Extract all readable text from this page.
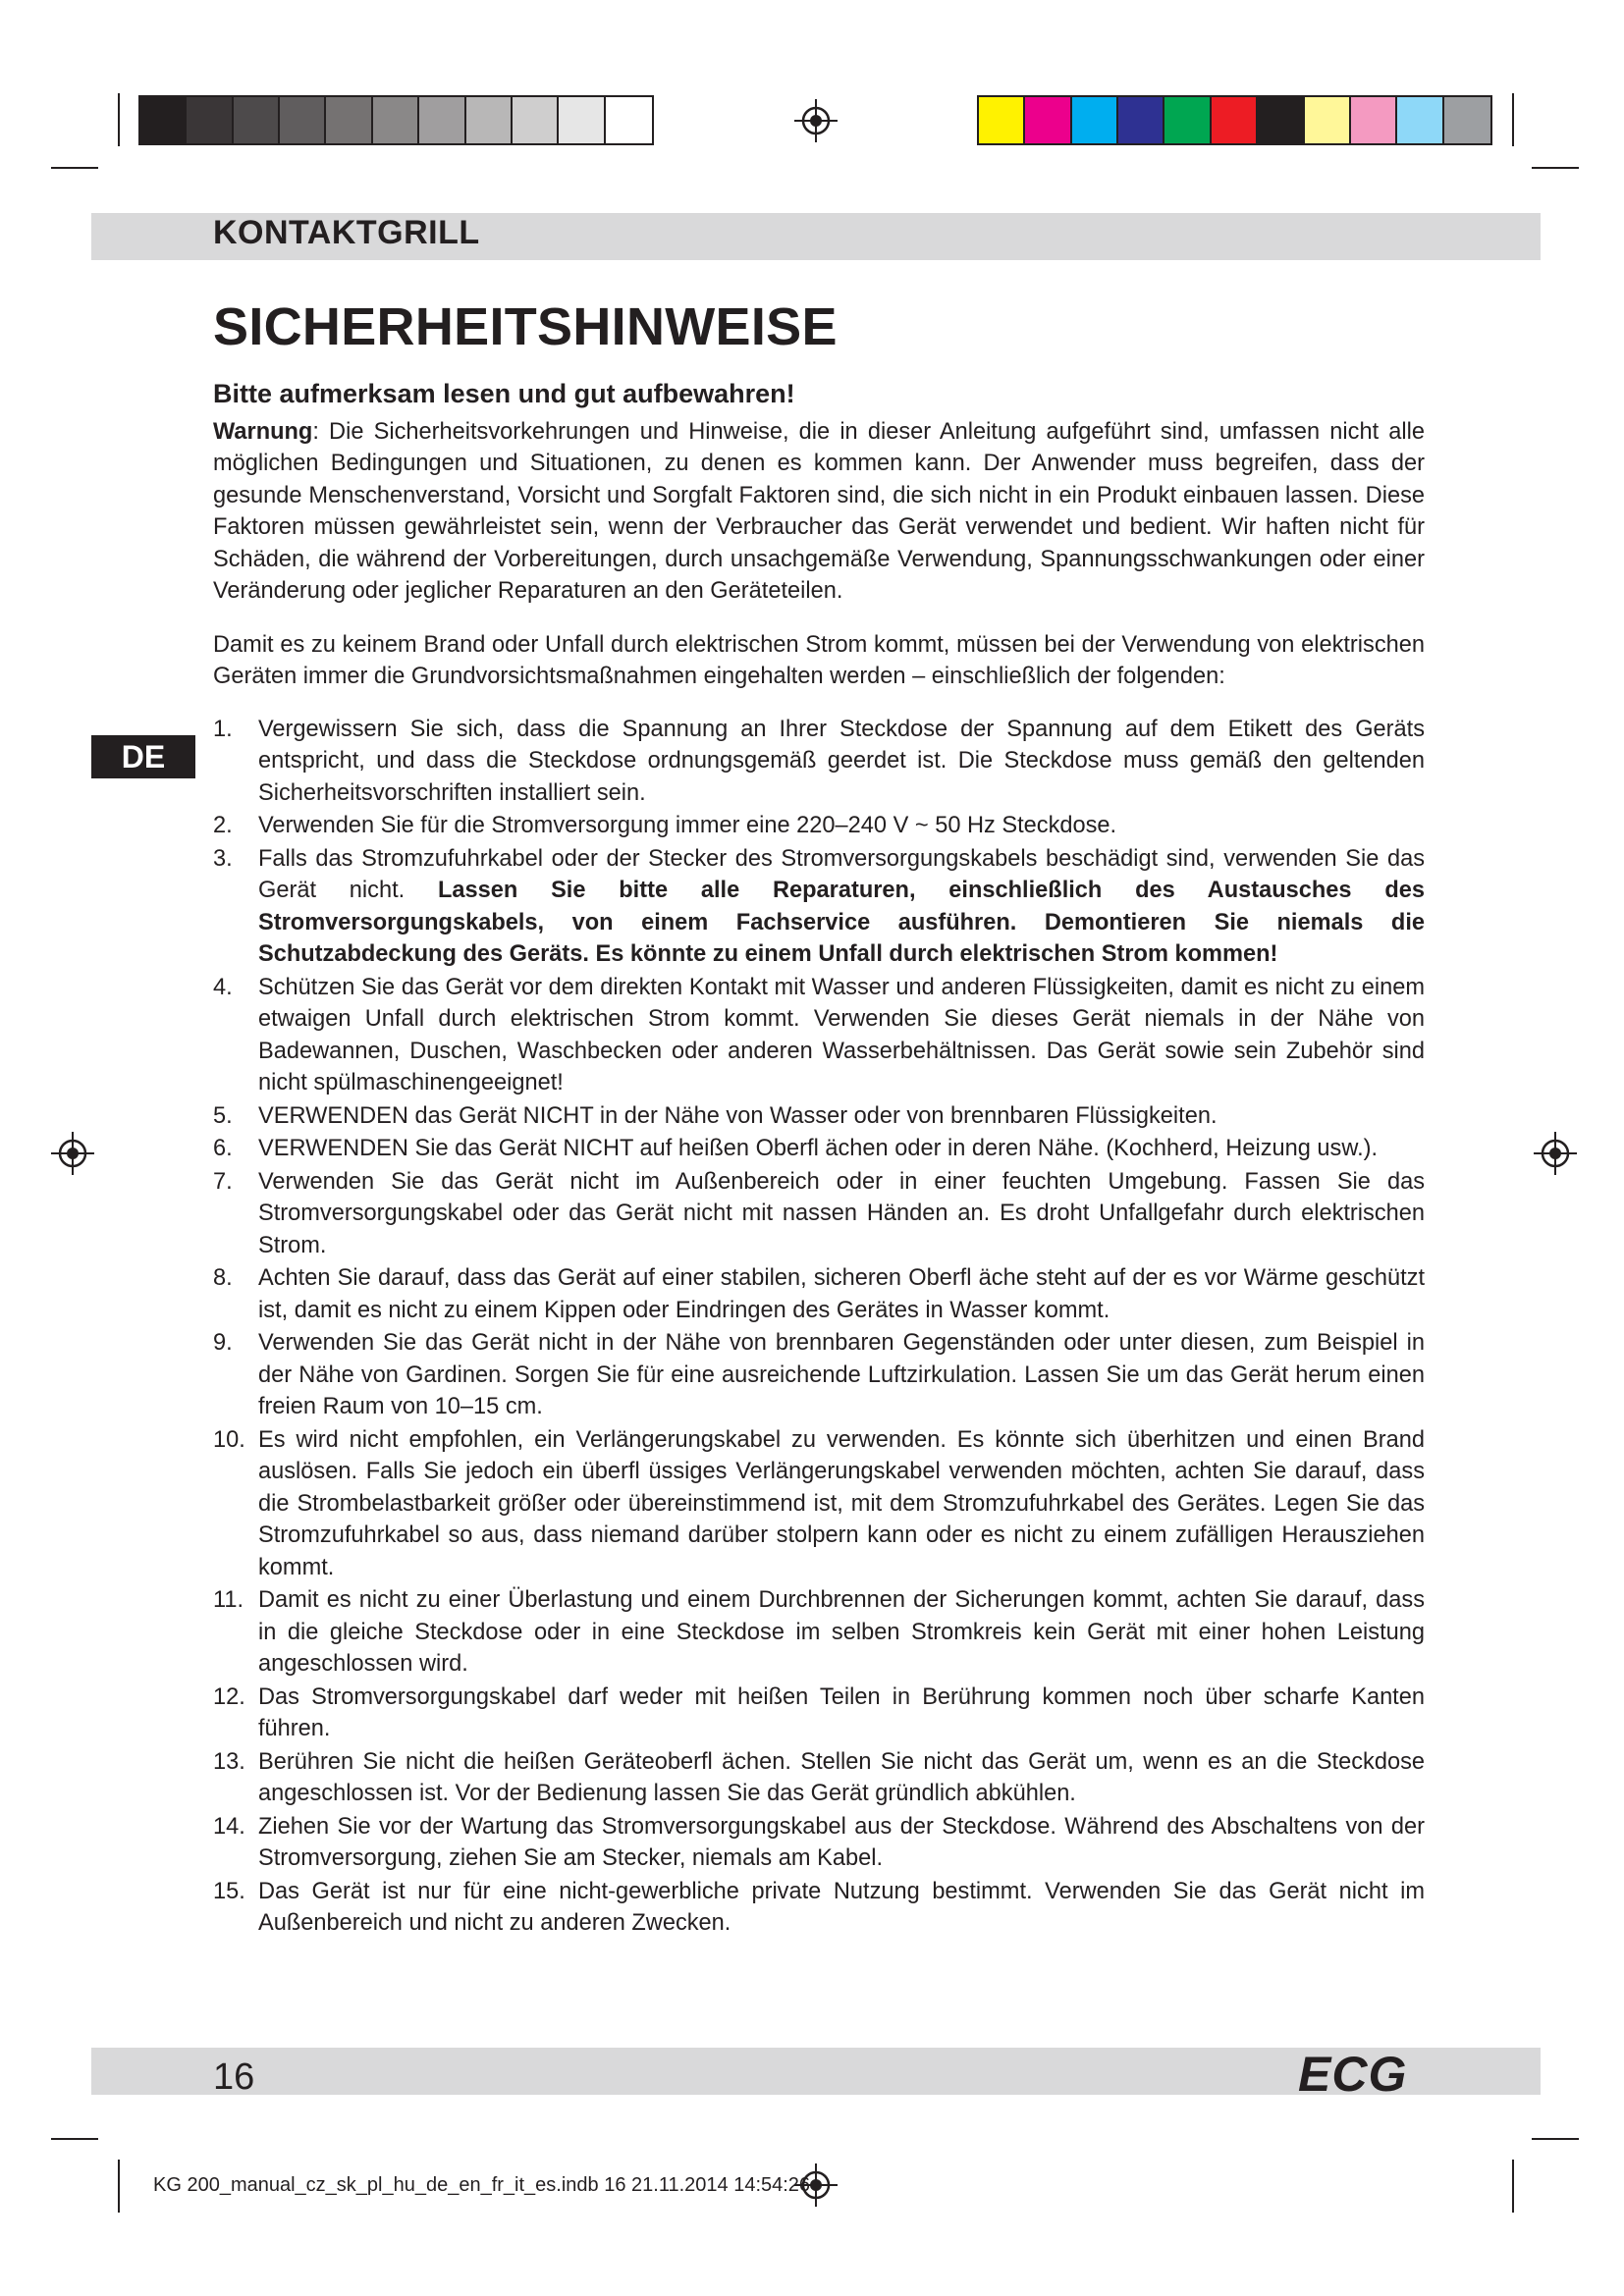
KONTAKTGRILL
SICHERHEITSHINWEISE
DE

Bitte aufmerksam lesen und gut aufbewahren!

Warnung: Die Sicherheitsvorkehrungen und Hinweise, die in dieser Anleitung aufgeführt sind, umfassen nicht alle möglichen Bedingungen und Situationen, zu denen es kommen kann. Der Anwender muss begreifen, dass der gesunde Menschenverstand, Vorsicht und Sorgfalt Faktoren sind, die sich nicht in ein Produkt einbauen lassen. Diese Faktoren müssen gewährleistet sein, wenn der Verbraucher das Gerät verwendet und bedient. Wir haften nicht für Schäden, die während der Vorbereitungen, durch unsachgemäße Verwendung, Spannungsschwankungen oder einer Veränderung oder jeglicher Reparaturen an den Geräteteilen.

Damit es zu keinem Brand oder Unfall durch elektrischen Strom kommt, müssen bei der Verwendung von elektrischen Geräten immer die Grundvorsichtsmaßnahmen eingehalten werden – einschließlich der folgenden:

1. Vergewissern Sie sich, dass die Spannung an Ihrer Steckdose der Spannung auf dem Etikett des Geräts entspricht, und dass die Steckdose ordnungsgemäß geerdet ist. Die Steckdose muss gemäß den geltenden Sicherheitsvorschriften installiert sein.
2. Verwenden Sie für die Stromversorgung immer eine 220–240 V ~ 50 Hz Steckdose.
3. Falls das Stromzufuhrkabel oder der Stecker des Stromversorgungskabels beschädigt sind, verwenden Sie das Gerät nicht. Lassen Sie bitte alle Reparaturen, einschließlich des Austausches des Stromversorgungskabels, von einem Fachservice ausführen. Demontieren Sie niemals die Schutzabdeckung des Geräts. Es könnte zu einem Unfall durch elektrischen Strom kommen!
4. Schützen Sie das Gerät vor dem direkten Kontakt mit Wasser und anderen Flüssigkeiten, damit es nicht zu einem etwaigen Unfall durch elektrischen Strom kommt. Verwenden Sie dieses Gerät niemals in der Nähe von Badewannen, Duschen, Waschbecken oder anderen Wasserbehältnissen. Das Gerät sowie sein Zubehör sind nicht spülmaschinengeeignet!
5. VERWENDEN das Gerät NICHT in der Nähe von Wasser oder von brennbaren Flüssigkeiten.
6. VERWENDEN Sie das Gerät NICHT auf heißen Oberfl ächen oder in deren Nähe. (Kochherd, Heizung usw.).
7. Verwenden Sie das Gerät nicht im Außenbereich oder in einer feuchten Umgebung. Fassen Sie das Stromversorgungskabel oder das Gerät nicht mit nassen Händen an. Es droht Unfallgefahr durch elektrischen Strom.
8. Achten Sie darauf, dass das Gerät auf einer stabilen, sicheren Oberfl äche steht auf der es vor Wärme geschützt ist, damit es nicht zu einem Kippen oder Eindringen des Gerätes in Wasser kommt.
9. Verwenden Sie das Gerät nicht in der Nähe von brennbaren Gegenständen oder unter diesen, zum Beispiel in der Nähe von Gardinen. Sorgen Sie für eine ausreichende Luftzirkulation. Lassen Sie um das Gerät herum einen freien Raum von 10–15 cm.
10. Es wird nicht empfohlen, ein Verlängerungskabel zu verwenden. Es könnte sich überhitzen und einen Brand auslösen. Falls Sie jedoch ein überfl üssiges Verlängerungskabel verwenden möchten, achten Sie darauf, dass die Strombelastbarkeit größer oder übereinstimmend ist, mit dem Stromzufuhrkabel des Gerätes. Legen Sie das Stromzufuhrkabel so aus, dass niemand darüber stolpern kann oder es nicht zu einem zufälligen Herausziehen kommt.
11. Damit es nicht zu einer Überlastung und einem Durchbrennen der Sicherungen kommt, achten Sie darauf, dass in die gleiche Steckdose oder in eine Steckdose im selben Stromkreis kein Gerät mit einer hohen Leistung angeschlossen wird.
12. Das Stromversorgungskabel darf weder mit heißen Teilen in Berührung kommen noch über scharfe Kanten führen.
13. Berühren Sie nicht die heißen Geräteoberfl ächen. Stellen Sie nicht das Gerät um, wenn es an die Steckdose angeschlossen ist. Vor der Bedienung lassen Sie das Gerät gründlich abkühlen.
14. Ziehen Sie vor der Wartung das Stromversorgungskabel aus der Steckdose. Während des Abschaltens von der Stromversorgung, ziehen Sie am Stecker, niemals am Kabel.
15. Das Gerät ist nur für eine nicht-gewerbliche private Nutzung bestimmt. Verwenden Sie das Gerät nicht im Außenbereich und nicht zu anderen Zwecken.

16	ECG

KG 200_manual_cz_sk_pl_hu_de_en_fr_it_es.indb 16 21.11.2014 14:54:26
